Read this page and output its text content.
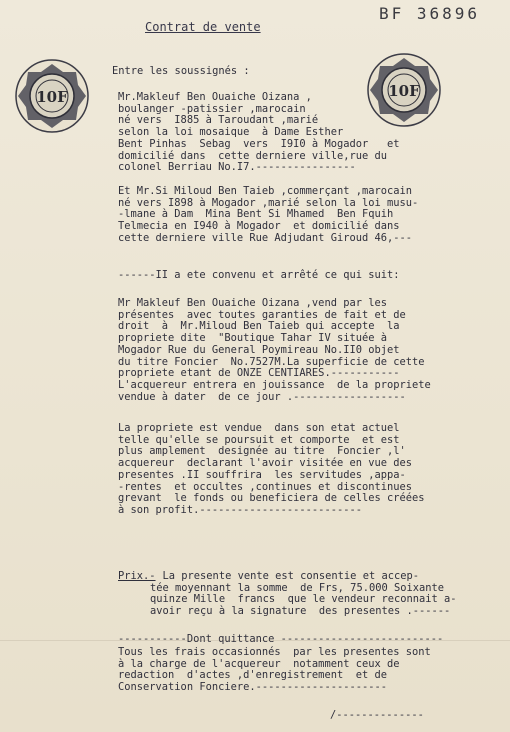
BF 36896
Contrat de vente
10F	10F
Entre les soussignés :
Mr.Makleuf Ben Ouaiche Oizana ,
boulanger -patissier ,marocain
né vers  I885 à Taroudant ,marié
selon la loi mosaique  à Dame Esther
Bent Pinhas  Sebag  vers  I9I0 à Mogador   et
domicilié dans  cette derniere ville,rue du
colonel Berriau No.I7.----------------
Et Mr.Si Miloud Ben Taieb ,commerçant ,marocain
né vers I898 à Mogador ,marié selon la loi musu-
-lmane à Dam  Mina Bent Si Mhamed  Ben Fquih
Telmecia en I940 à Mogador  et domicilié dans
cette derniere ville Rue Adjudant Giroud 46,---
------II a ete convenu et arrêté ce qui suit:
Mr Makleuf Ben Ouaiche Oizana ,vend par les
présentes  avec toutes garanties de fait et de
droit  à  Mr.Miloud Ben Taieb qui accepte  la
propriete dite  "Boutique Tahar IV située à
Mogador Rue du General Poymireau No.II0 objet
du titre Foncier  No.7527M.La superficie de cette
propriete etant de ONZE CENTIARES.-----------
L'acquereur entrera en jouissance  de la propriete
vendue à dater  de ce jour .------------------
La propriete est vendue  dans son etat actuel
telle qu'elle se poursuit et comporte  et est
plus amplement  designée au titre  Foncier ,l'
acquereur  declarant l'avoir visitée en vue des
presentes .II souffrira  les servitudes ,appa-
-rentes  et occultes ,continues et discontinues
grevant  le fonds ou beneficiera de celles créées
à son profit.--------------------------
Prix.- La presente vente est consentie et accep-
tée moyennant la somme  de Frs, 75.000 Soixante
quinze Mille  francs  que le vendeur reconnait a-
avoir reçu à la signature  des presentes .------
-----------Dont quittance --------------------------
Tous les frais occasionnés  par les presentes sont
à la charge de l'acquereur  notamment ceux de
redaction  d'actes ,d'enregistrement  et de
Conservation Fonciere.---------------------
/--------------
